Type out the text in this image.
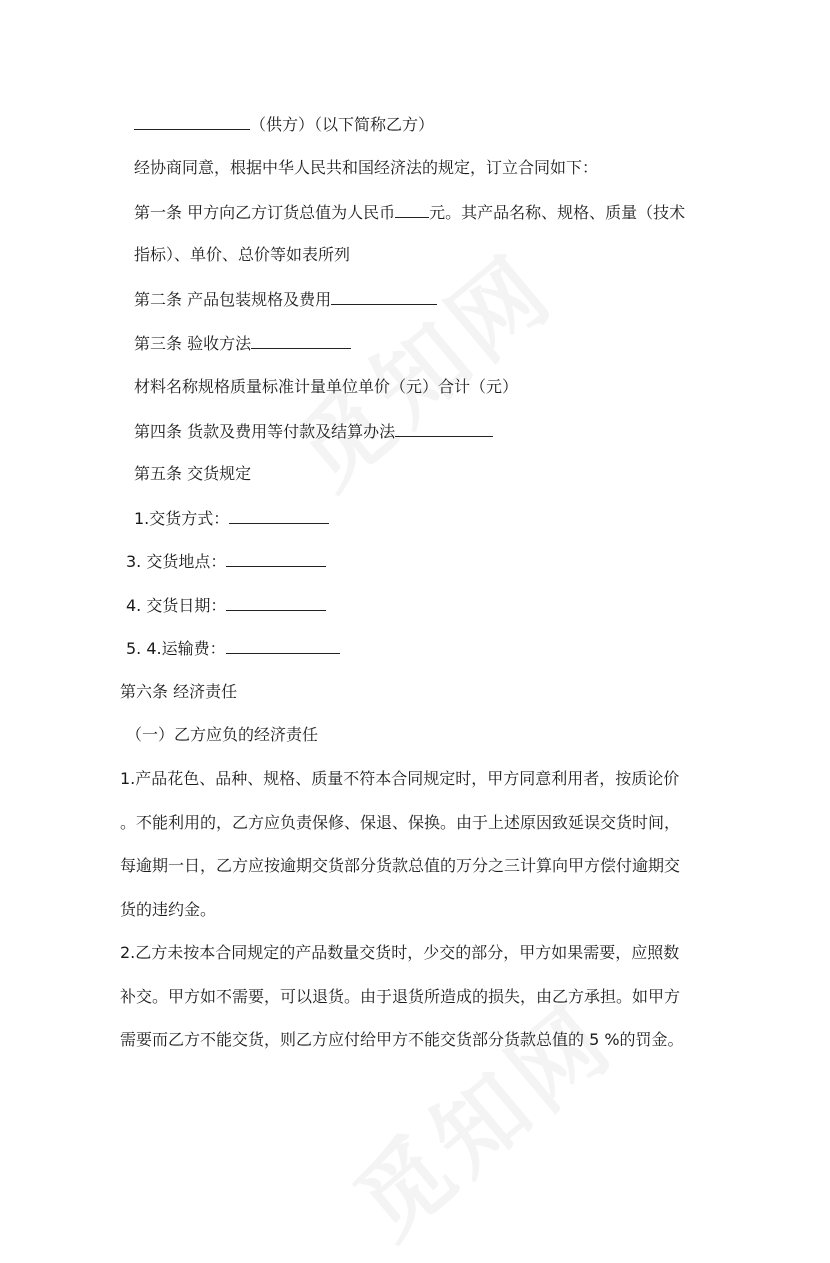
（供方）（以下简称乙方）
经协商同意，根据中华人民共和国经济法的规定，订立合同如下：
第一条 甲方向乙方订货总值为人民币 元。其产品名称、规格、质量（技术
指标）、单价、总价等如表所列
第二条 产品包装规格及费用
第三条 验收方法
材料名称规格质量标准计量单位单价（元）合计（元）
第四条 货款及费用等付款及结算办法
第五条 交货规定
1.交货方式：
3. 交货地点：
4. 交货日期：
5. 4.运输费：
第六条 经济责任
（一）乙方应负的经济责任
1.产品花色、品种、规格、质量不符本合同规定时，甲方同意利用者，按质论价
。不能利用的，乙方应负责保修、保退、保换。由于上述原因致延误交货时间，
每逾期一日，乙方应按逾期交货部分货款总值的万分之三计算向甲方偿付逾期交
货的违约金。
2.乙方未按本合同规定的产品数量交货时，少交的部分，甲方如果需要，应照数
补交。甲方如不需要，可以退货。由于退货所造成的损失，由乙方承担。如甲方
需要而乙方不能交货，则乙方应付给甲方不能交货部分货款总值的 5 %的罚金。
